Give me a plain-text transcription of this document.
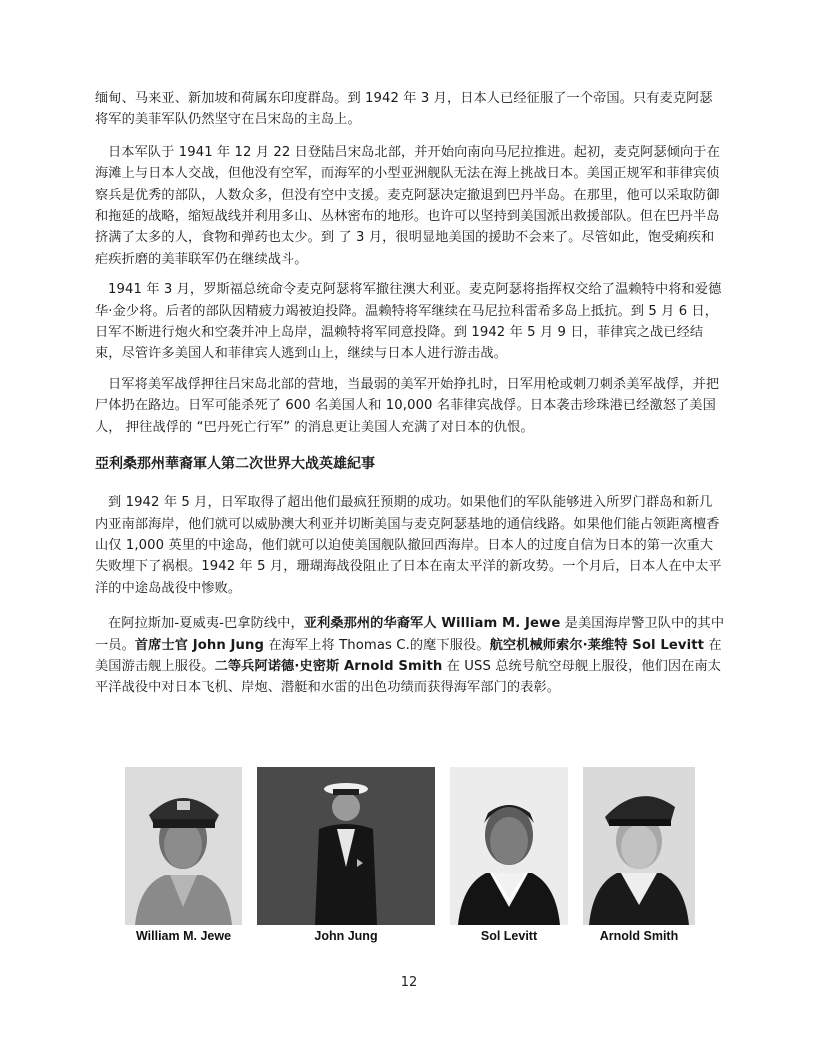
缅甸、马来亚、新加坡和荷属东印度群岛。到 1942 年 3 月，日本人已经征服了一个帝国。只有麦克阿瑟将军的美菲军队仍然坚守在吕宋岛的主岛上。

日本军队于 1941 年 12 月 22 日登陆吕宋岛北部，并开始向南向马尼拉推进。起初，麦克阿瑟倾向于在海滩上与日本人交战，但他没有空军，而海军的小型亚洲舰队无法在海上挑战日本。美国正规军和菲律宾侦察兵是优秀的部队，人数众多，但没有空中支援。麦克阿瑟决定撤退到巴丹半岛。在那里，他可以采取防御和拖延的战略，缩短战线并利用多山、丛林密布的地形。也许可以坚持到美国派出救援部队。但在巴丹半岛挤满了太多的人，食物和弹药也太少。到 了 3 月，很明显地美国的援助不会来了。尽管如此，饱受痢疾和疟疾折磨的美菲联军仍在继续战斗。

1941 年 3 月，罗斯福总统命令麦克阿瑟将军撤往澳大利亚。麦克阿瑟将指挥权交给了温赖特中将和爱德华·金少将。后者的部队因精疲力竭被迫投降。温赖特将军继续在马尼拉科雷希多岛上抵抗。到 5 月 6 日，日军不断进行炮火和空袭并冲上岛岸，温赖特将军同意投降。到 1942 年 5 月 9 日，菲律宾之战已经结束，尽管许多美国人和菲律宾人逃到山上，继续与日本人进行游击战。

日军将美军战俘押往吕宋岛北部的营地，当最弱的美军开始挣扎时，日军用枪或刺刀刺杀美军战俘，并把尸体扔在路边。日军可能杀死了 600 名美国人和 10,000 名菲律宾战俘。日本袭击珍珠港已经激怒了美国人， 押往战俘的 “巴丹死亡行军” 的消息更让美国人充满了对日本的仇恨。

亞利桑那州華裔軍人第二次世界大战英雄紀事

到 1942 年 5 月，日军取得了超出他们最疯狂预期的成功。如果他们的军队能够进入所罗门群岛和新几内亚南部海岸，他们就可以威胁澳大利亚并切断美国与麦克阿瑟基地的通信线路。如果他们能占领距离檀香山仅 1,000 英里的中途岛，他们就可以迫使美国舰队撤回西海岸。日本人的过度自信为日本的第一次重大失败埋下了祸根。1942 年 5 月，珊瑚海战役阻止了日本在南太平洋的新攻势。一个月后，日本人在中太平洋的中途岛战役中惨败。

在阿拉斯加-夏威夷-巴拿防线中，亚利桑那州的华裔军人 William M. Jewe 是美国海岸警卫队中的其中一员。首席士官 John Jung 在海军上将 Thomas C.的麾下服役。航空机械师索尔·莱维特 Sol Levitt 在美国游击舰上服役。二等兵阿诺德·史密斯 Arnold Smith 在 USS 总统号航空母舰上服役，他们因在南太平洋战役中对日本飞机、岸炮、潜艇和水雷的出色功绩而获得海军部门的表彰。

William M. Jewe	John Jung	Sol Levitt	Arnold Smith
12
